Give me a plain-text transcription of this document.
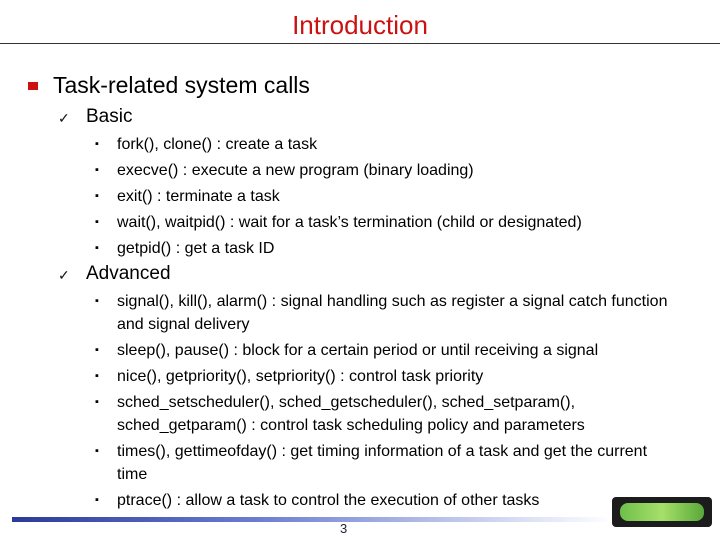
Introduction
Task-related system calls
✓ Basic
▪ fork(), clone() : create a task
▪ execve() : execute a new program (binary loading)
▪ exit() : terminate a task
▪ wait(), waitpid() : wait for a task’s termination (child or designated)
▪ getpid() : get a task ID
✓ Advanced
▪ signal(), kill(), alarm() : signal handling such as register a signal catch function and signal delivery
▪ sleep(), pause() : block for a certain period or until receiving a signal
▪ nice(), getpriority(), setpriority() : control task priority
▪ sched_setscheduler(), sched_getscheduler(), sched_setparam(), sched_getparam() : control task scheduling policy and parameters
▪ times(), gettimeofday() : get timing information of a task and get the current time
▪ ptrace() : allow a task to control the execution of other tasks
3
